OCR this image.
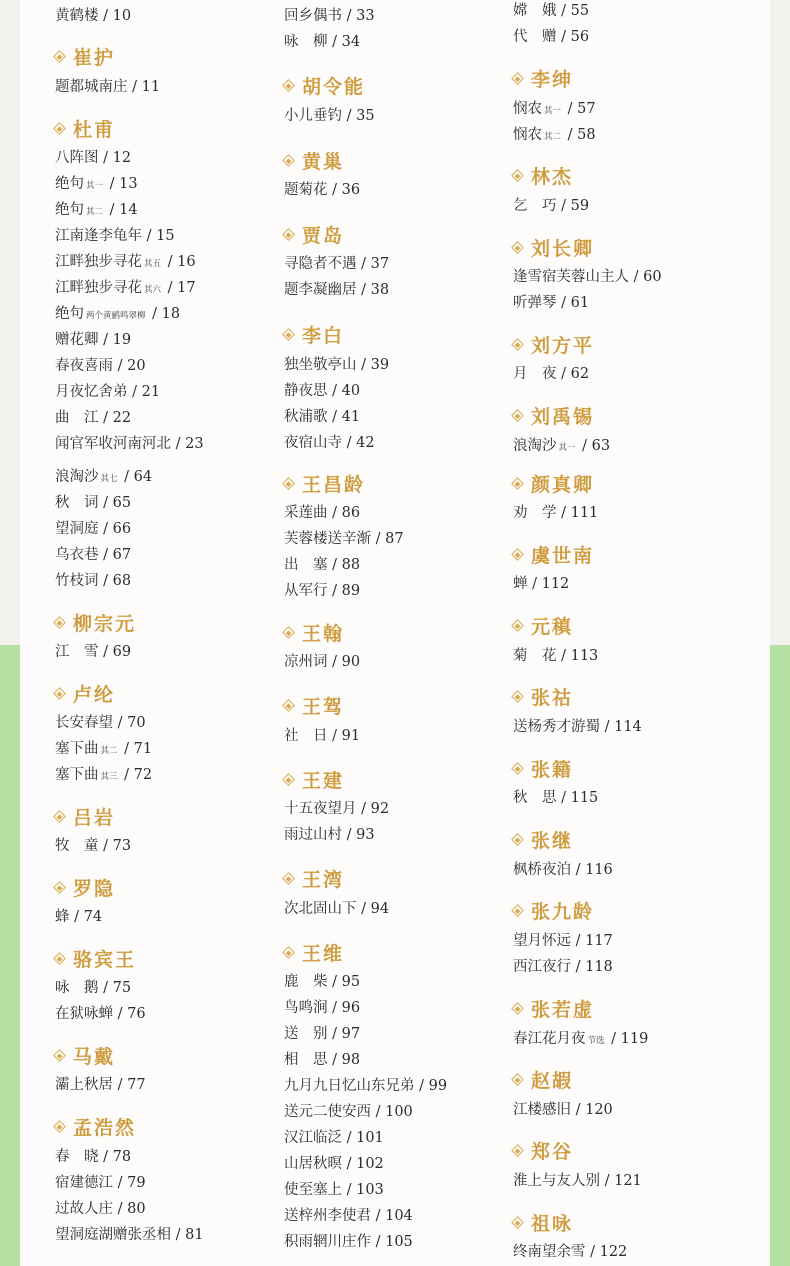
黄鹤楼 / 10
崔护
题都城南庄 / 11
杜甫
八阵图 / 12
绝句 其一 / 13
绝句 其二 / 14
江南逢李龟年 / 15
江畔独步寻花 其五 / 16
江畔独步寻花 其六 / 17
绝句 两个黄鹂鸣翠柳 / 18
赠花卿 / 19
春夜喜雨 / 20
月夜忆舍弟 / 21
曲　江 / 22
闻官军收河南河北 / 23
浪淘沙 其七 / 64
秋　词 / 65
望洞庭 / 66
乌衣巷 / 67
竹枝词 / 68
柳宗元
江　雪 / 69
卢纶
长安春望 / 70
塞下曲 其二 / 71
塞下曲 其三 / 72
吕岩
牧　童 / 73
罗隐
蜂 / 74
骆宾王
咏　鹅 / 75
在狱咏蝉 / 76
马戴
灞上秋居 / 77
孟浩然
春　晓 / 78
宿建德江 / 79
过故人庄 / 80
望洞庭湖赠张丞相 / 81
回乡偶书 / 33
咏　柳 / 34
胡令能
小儿垂钓 / 35
黄巢
题菊花 / 36
贾岛
寻隐者不遇 / 37
题李凝幽居 / 38
李白
独坐敬亭山 / 39
静夜思 / 40
秋浦歌 / 41
夜宿山寺 / 42
王昌龄
采莲曲 / 86
芙蓉楼送辛渐 / 87
出　塞 / 88
从军行 / 89
王翰
凉州词 / 90
王驾
社　日 / 91
王建
十五夜望月 / 92
雨过山村 / 93
王湾
次北固山下 / 94
王维
鹿　柴 / 95
鸟鸣涧 / 96
送　别 / 97
相　思 / 98
九月九日忆山东兄弟 / 99
送元二使安西 / 100
汉江临泛 / 101
山居秋暝 / 102
使至塞上 / 103
送梓州李使君 / 104
积雨辋川庄作 / 105
嫦　娥 / 55
代　赠 / 56
李绅
悯农 其一 / 57
悯农 其二 / 58
林杰
乞　巧 / 59
刘长卿
逢雪宿芙蓉山主人 / 60
听弹琴 / 61
刘方平
月　夜 / 62
刘禹锡
浪淘沙 其一 / 63
颜真卿
劝　学 / 111
虞世南
蝉 / 112
元稹
菊　花 / 113
张祜
送杨秀才游蜀 / 114
张籍
秋　思 / 115
张继
枫桥夜泊 / 116
张九龄
望月怀远 / 117
西江夜行 / 118
张若虚
春江花月夜 节选 / 119
赵嘏
江楼感旧 / 120
郑谷
淮上与友人别 / 121
祖咏
终南望余雪 / 122
